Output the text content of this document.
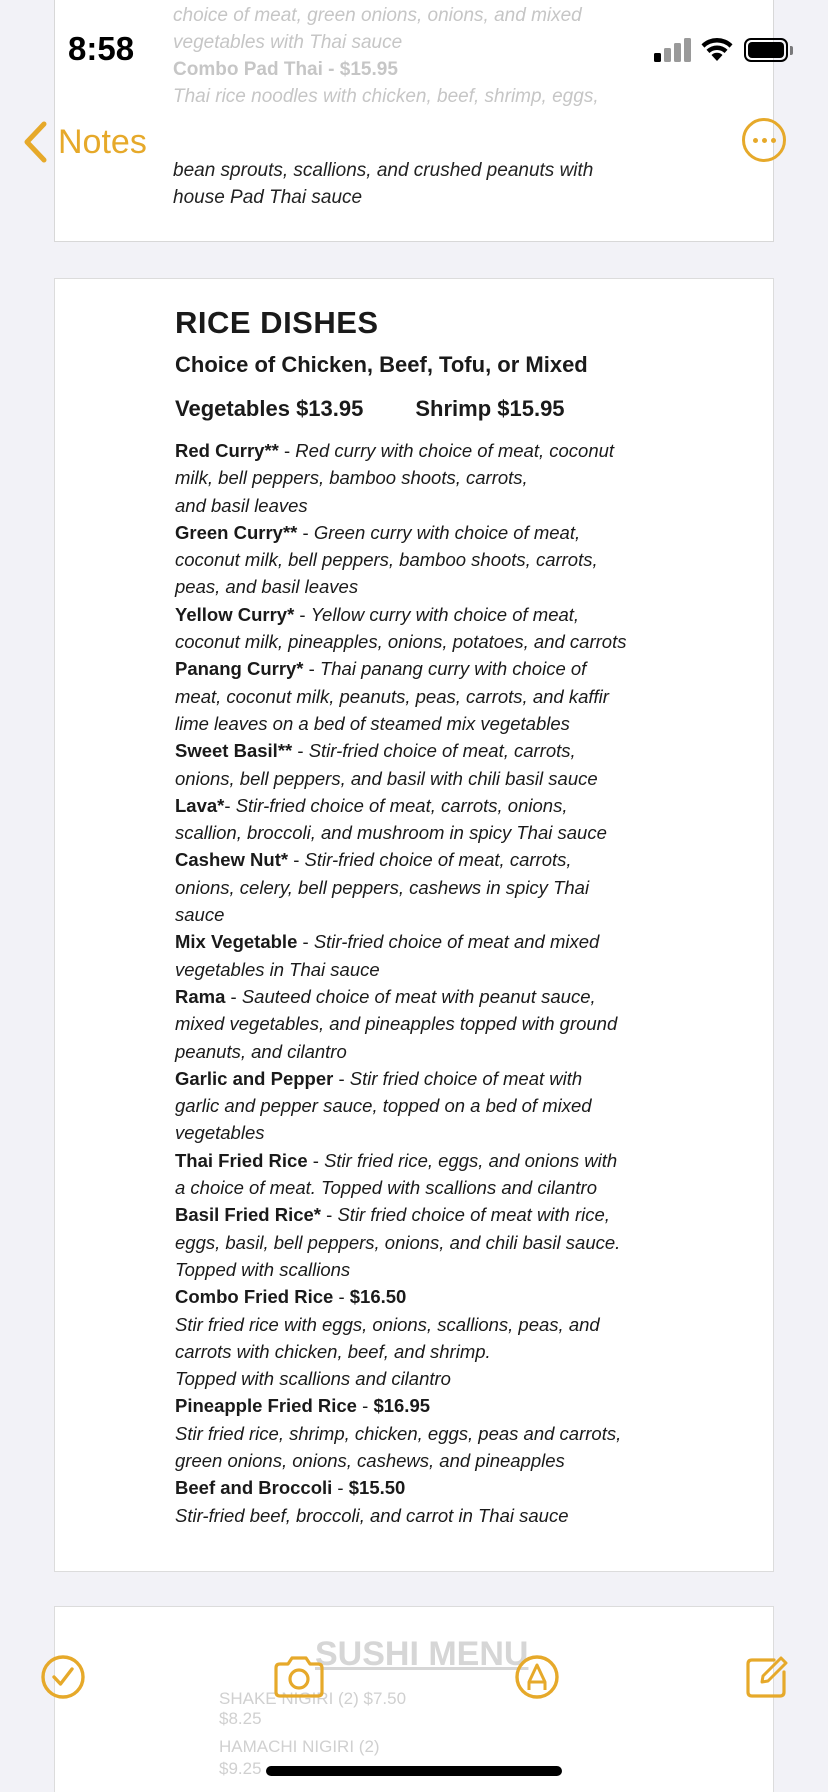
choice of meat, green onions, onions, and mixed
vegetables with Thai sauce
Combo Pad Thai - $15.95
Thai rice noodles with chicken, beef, shrimp, eggs,
bean sprouts, scallions, and crushed peanuts with
house Pad Thai sauce
RICE DISHES
Choice of Chicken, Beef, Tofu, or Mixed
Vegetables $13.95 Shrimp $15.95
Red Curry** - Red curry with choice of meat, coconut
milk, bell peppers, bamboo shoots, carrots,
and basil leaves
Green Curry** - Green curry with choice of meat,
coconut milk, bell peppers, bamboo shoots, carrots,
peas, and basil leaves
Yellow Curry* - Yellow curry with choice of meat,
coconut milk, pineapples, onions, potatoes, and carrots
Panang Curry* - Thai panang curry with choice of
meat, coconut milk, peanuts, peas, carrots, and kaffir
lime leaves on a bed of steamed mix vegetables
Sweet Basil** - Stir-fried choice of meat, carrots,
onions, bell peppers, and basil with chili basil sauce
Lava*- Stir-fried choice of meat, carrots, onions,
scallion, broccoli, and mushroom in spicy Thai sauce
Cashew Nut* - Stir-fried choice of meat, carrots,
onions, celery, bell peppers, cashews in spicy Thai
sauce
Mix Vegetable - Stir-fried choice of meat and mixed
vegetables in Thai sauce
Rama - Sauteed choice of meat with peanut sauce,
mixed vegetables, and pineapples topped with ground
peanuts, and cilantro
Garlic and Pepper - Stir fried choice of meat with
garlic and pepper sauce, topped on a bed of mixed
vegetables
Thai Fried Rice - Stir fried rice, eggs, and onions with
a choice of meat. Topped with scallions and cilantro
Basil Fried Rice* - Stir fried choice of meat with rice,
eggs, basil, bell peppers, onions, and chili basil sauce.
Topped with scallions
Combo Fried Rice - $16.50
Stir fried rice with eggs, onions, scallions, peas, and
carrots with chicken, beef, and shrimp.
Topped with scallions and cilantro
Pineapple Fried Rice - $16.95
Stir fried rice, shrimp, chicken, eggs, peas and carrots,
green onions, onions, cashews, and pineapples
Beef and Broccoli - $15.50
Stir-fried beef, broccoli, and carrot in Thai sauce
SUSHI MENU
SHAKE NIGIRI (2) $7.50
$8.25
HAMACHI NIGIRI (2)
$9.25
8:58
Notes
